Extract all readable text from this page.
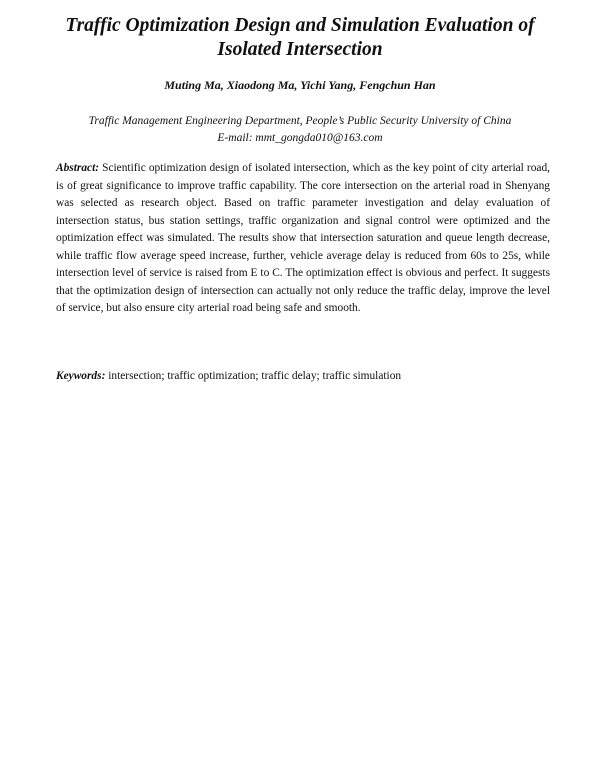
Traffic Optimization Design and Simulation Evaluation of Isolated Intersection
Muting Ma, Xiaodong Ma, Yichi Yang, Fengchun Han
Traffic Management Engineering Department, People’s Public Security University of China
E-mail: mmt_gongda010@163.com

Abstract: Scientific optimization design of isolated intersection, which as the key point of city arterial road, is of great significance to improve traffic capability. The core intersection on the arterial road in Shenyang was selected as research object. Based on traffic parameter investigation and delay evaluation of intersection status, bus station settings, traffic organization and signal control were optimized and the optimization effect was simulated. The results show that intersection saturation and queue length decrease, while traffic flow average speed increase, further, vehicle average delay is reduced from 60s to 25s, while intersection level of service is raised from E to C. The optimization effect is obvious and perfect. It suggests that the optimization design of intersection can actually not only reduce the traffic delay, improve the level of service, but also ensure city arterial road being safe and smooth.

Keywords: intersection; traffic optimization; traffic delay; traffic simulation
